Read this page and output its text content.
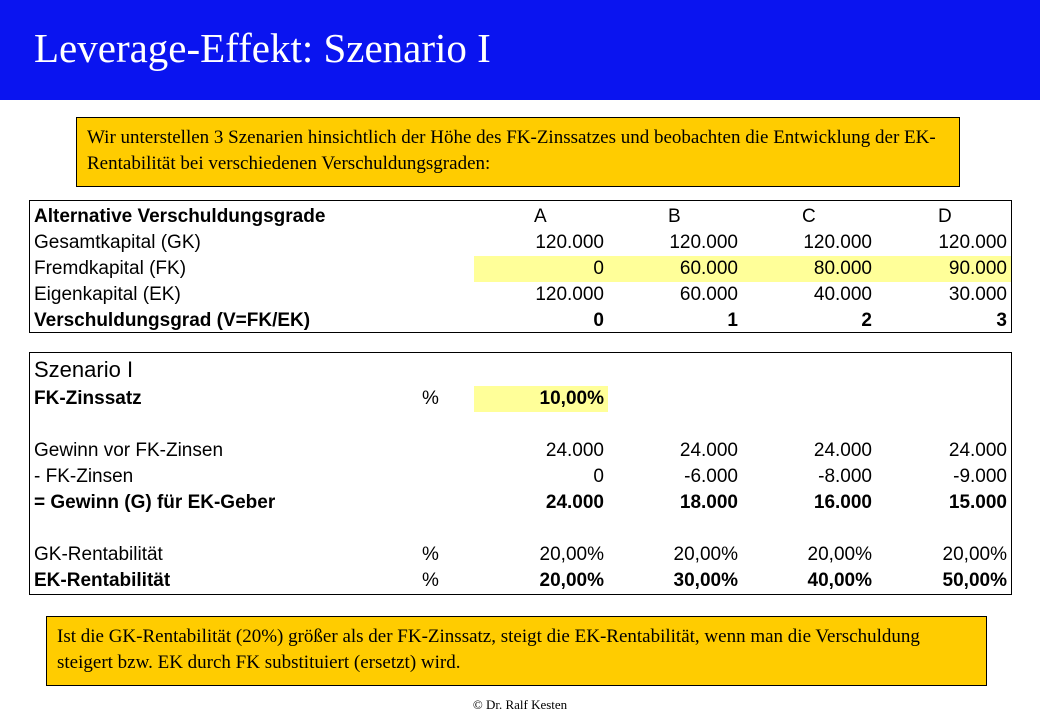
Leverage-Effekt: Szenario I
Wir unterstellen 3 Szenarien hinsichtlich der Höhe des FK-Zinssatzes und beobachten die Entwicklung der EK-Rentabilität bei verschiedenen Verschuldungsgraden:
Alternative Verschuldungsgrade	A	B	C	D
Gesamtkapital (GK)	120.000	120.000	120.000	120.000
Fremdkapital (FK)	0	60.000	80.000	90.000
Eigenkapital (EK)	120.000	60.000	40.000	30.000
Verschuldungsgrad (V=FK/EK)	0	1	2	3
Szenario I
FK-Zinssatz	%	10,00%
Gewinn vor FK-Zinsen	24.000	24.000	24.000	24.000
- FK-Zinsen	0	-6.000	-8.000	-9.000
= Gewinn (G) für EK-Geber	24.000	18.000	16.000	15.000
GK-Rentabilität	%	20,00%	20,00%	20,00%	20,00%
EK-Rentabilität	%	20,00%	30,00%	40,00%	50,00%
Ist die GK-Rentabilität (20%) größer als der FK-Zinssatz, steigt die EK-Rentabilität, wenn man die Verschuldung steigert bzw. EK durch FK substituiert (ersetzt) wird.
© Dr. Ralf Kesten
